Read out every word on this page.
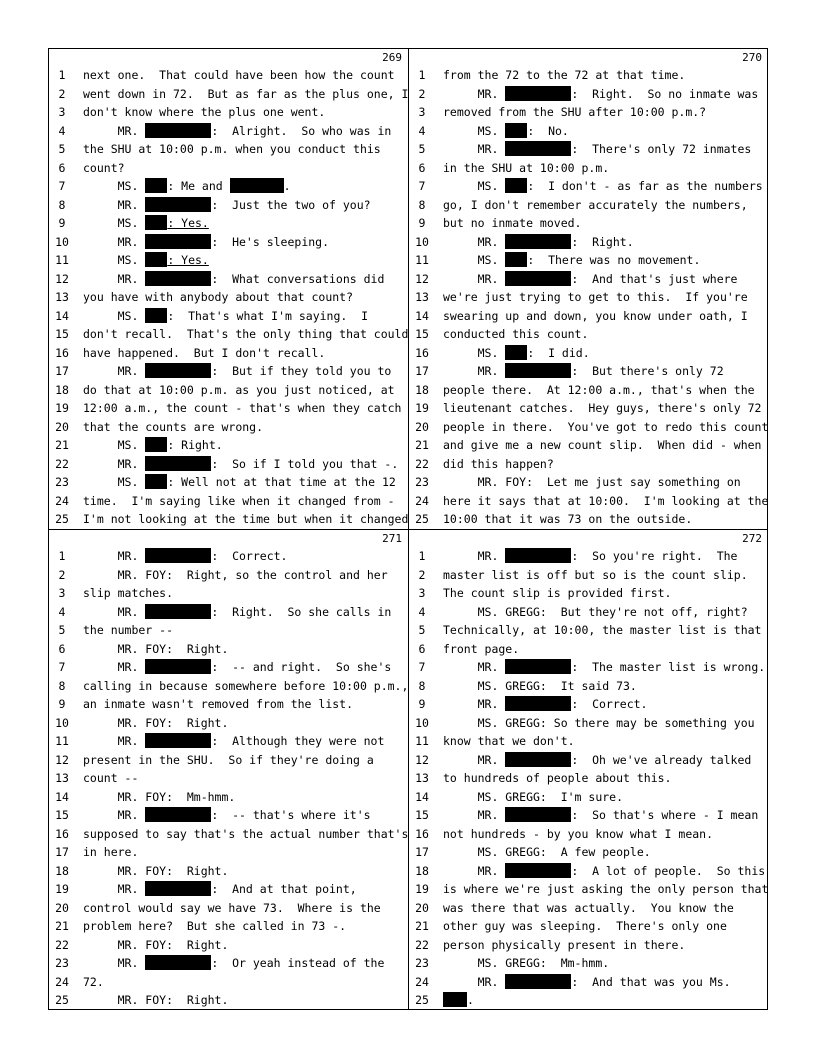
269
1	next one.  That could have been how the count
2	went down in 72.  But as far as the plus one, I
3	don't know where the plus one went.
4	MR.	:  Alright.  So who was in
5	the SHU at 10:00 p.m. when you conduct this
6	count?
7	MS. : Me and	.
8	MR.	:  Just the two of you?
9	MS. : Yes.
10	MR.	:  He's sleeping.
11	MS. : Yes.
12	MR.	:  What conversations did
13	you have with anybody about that count?
14	MS. :  That's what I'm saying.  I
15	don't recall.  That's the only thing that could
16	have happened.  But I don't recall.
17	MR.	:  But if they told you to
18	do that at 10:00 p.m. as you just noticed, at
19	12:00 a.m., the count - that's when they catch
20	that the counts are wrong.
21	MS. : Right.
22	MR.	:  So if I told you that -.
23	MS. : Well not at that time at the 12
24	time.  I'm saying like when it changed from -
25	I'm not looking at the time but when it changed
270
1	from the 72 to the 72 at that time.
2	MR.	:  Right.  So no inmate was
3	removed from the SHU after 10:00 p.m.?
4	MS. :  No.
5	MR.	:  There's only 72 inmates
6	in the SHU at 10:00 p.m.
7	MS. :  I don't - as far as the numbers
8	go, I don't remember accurately the numbers,
9	but no inmate moved.
10	MR.	:  Right.
11	MS. :  There was no movement.
12	MR.	:  And that's just where
13	we're just trying to get to this.  If you're
14	swearing up and down, you know under oath, I
15	conducted this count.
16	MS. :  I did.
17	MR.	:  But there's only 72
18	people there.  At 12:00 a.m., that's when the
19	lieutenant catches.  Hey guys, there's only 72
20	people in there.  You've got to redo this count
21	and give me a new count slip.  When did - when
22	did this happen?
23	MR. FOY:  Let me just say something on
24	here it says that at 10:00.  I'm looking at the
25	10:00 that it was 73 on the outside.
271
1	MR.	:  Correct.
2	MR. FOY:  Right, so the control and her
3	slip matches.
4	MR.	:  Right.  So she calls in
5	the number --
6	MR. FOY:  Right.
7	MR.	:  -- and right.  So she's
8	calling in because somewhere before 10:00 p.m.,
9	an inmate wasn't removed from the list.
10	MR. FOY:  Right.
11	MR.	:  Although they were not
12	present in the SHU.  So if they're doing a
13	count --
14	MR. FOY:  Mm-hmm.
15	MR.	:  -- that's where it's
16	supposed to say that's the actual number that's
17	in here.
18	MR. FOY:  Right.
19	MR.	:  And at that point,
20	control would say we have 73.  Where is the
21	problem here?  But she called in 73 -.
22	MR. FOY:  Right.
23	MR.	:  Or yeah instead of the
24	72.
25	MR. FOY:  Right.
272
1	MR.	:  So you're right.  The
2	master list is off but so is the count slip.
3	The count slip is provided first.
4	MS. GREGG:  But they're not off, right?
5	Technically, at 10:00, the master list is that
6	front page.
7	MR.	:  The master list is wrong.
8	MS. GREGG:  It said 73.
9	MR.	:  Correct.
10	MS. GREGG: So there may be something you
11	know that we don't.
12	MR.	:  Oh we've already talked
13	to hundreds of people about this.
14	MS. GREGG:  I'm sure.
15	MR.	:  So that's where - I mean
16	not hundreds - by you know what I mean.
17	MS. GREGG:  A few people.
18	MR.	:  A lot of people.  So this
19	is where we're just asking the only person that
20	was there that was actually.  You know the
21	other guy was sleeping.  There's only one
22	person physically present in there.
23	MS. GREGG:  Mm-hmm.
24	MR.	:  And that was you Ms.
25	.
